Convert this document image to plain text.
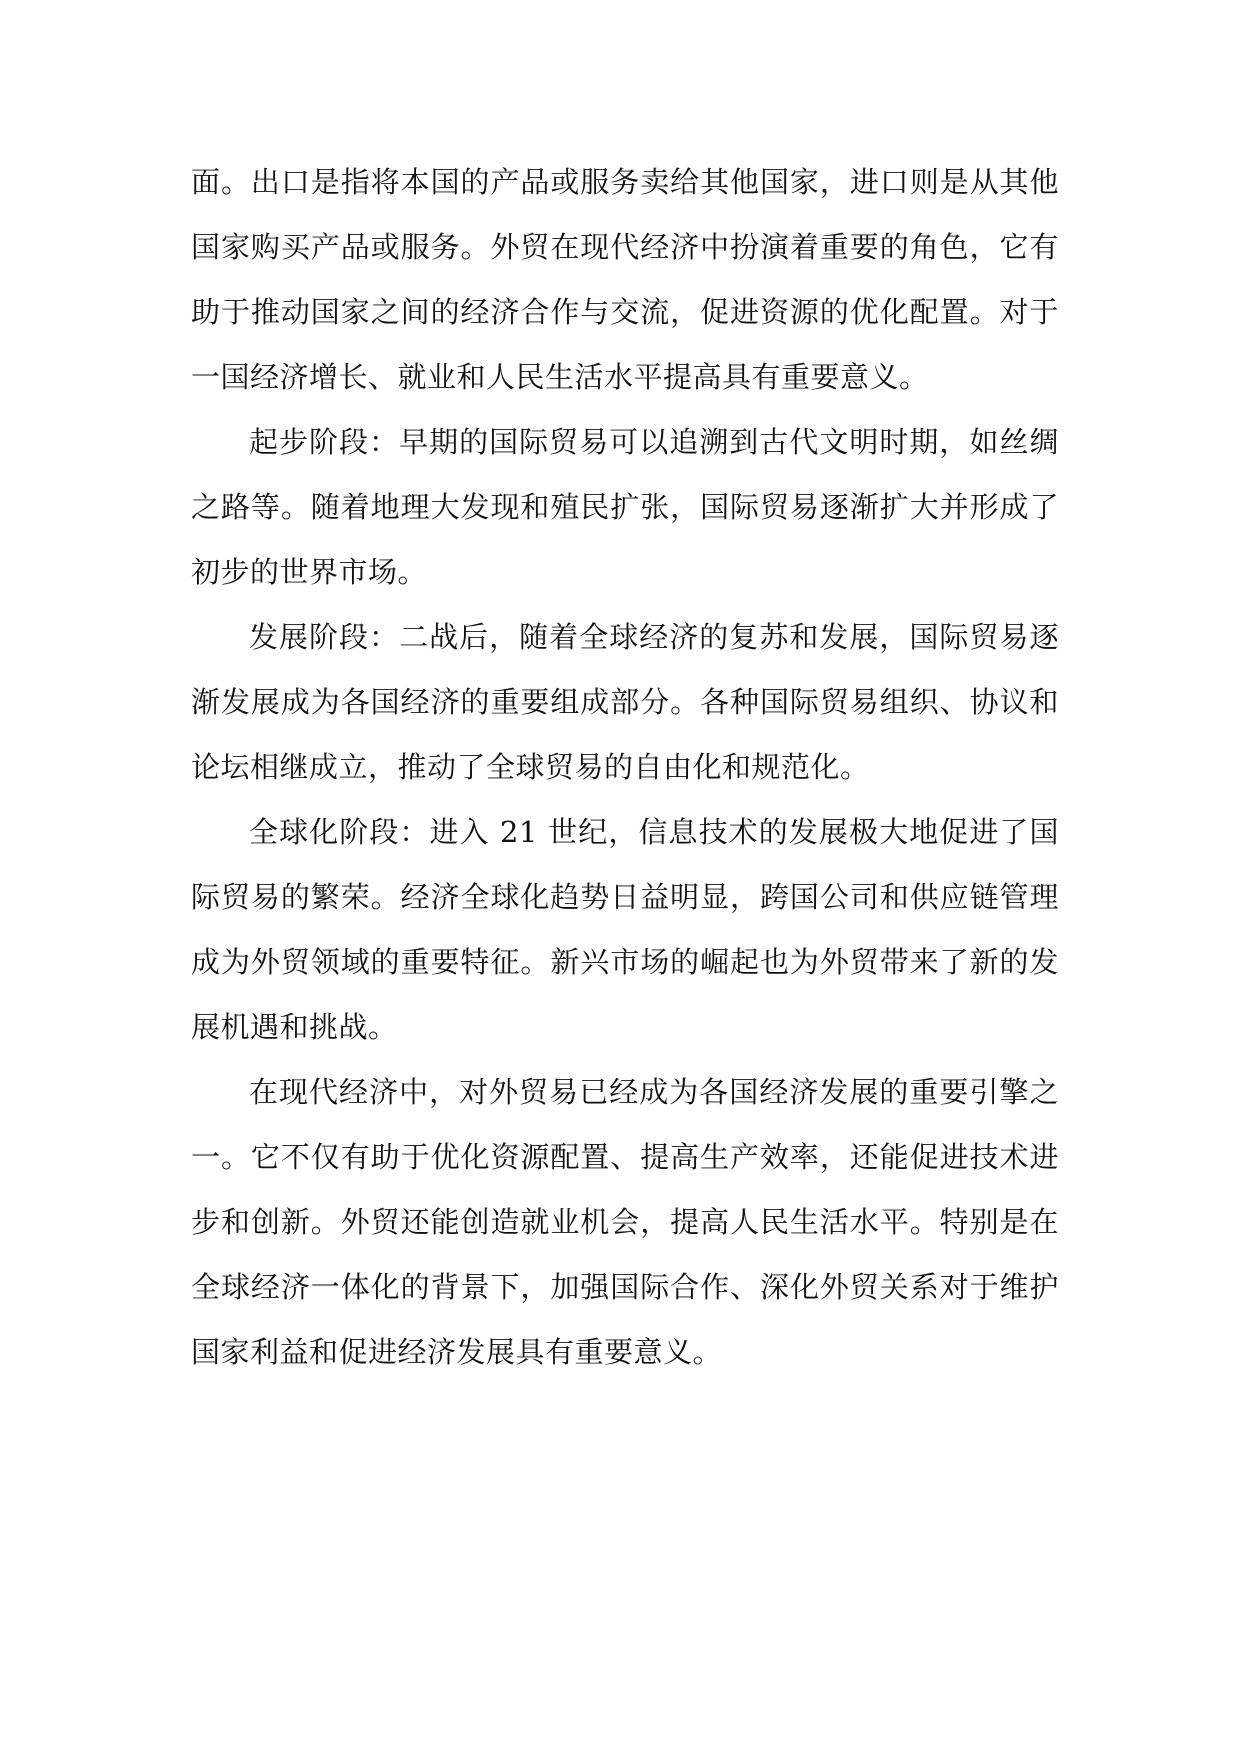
面。出口是指将本国的产品或服务卖给其他国家，进口则是从其他国家购买产品或服务。外贸在现代经济中扮演着重要的角色，它有助于推动国家之间的经济合作与交流，促进资源的优化配置。对于一国经济增长、就业和人民生活水平提高具有重要意义。

起步阶段：早期的国际贸易可以追溯到古代文明时期，如丝绸之路等。随着地理大发现和殖民扩张，国际贸易逐渐扩大并形成了初步的世界市场。

发展阶段：二战后，随着全球经济的复苏和发展，国际贸易逐渐发展成为各国经济的重要组成部分。各种国际贸易组织、协议和论坛相继成立，推动了全球贸易的自由化和规范化。

全球化阶段：进入 21 世纪，信息技术的发展极大地促进了国际贸易的繁荣。经济全球化趋势日益明显，跨国公司和供应链管理成为外贸领域的重要特征。新兴市场的崛起也为外贸带来了新的发展机遇和挑战。

在现代经济中，对外贸易已经成为各国经济发展的重要引擎之一。它不仅有助于优化资源配置、提高生产效率，还能促进技术进步和创新。外贸还能创造就业机会，提高人民生活水平。特别是在全球经济一体化的背景下，加强国际合作、深化外贸关系对于维护国家利益和促进经济发展具有重要意义。
